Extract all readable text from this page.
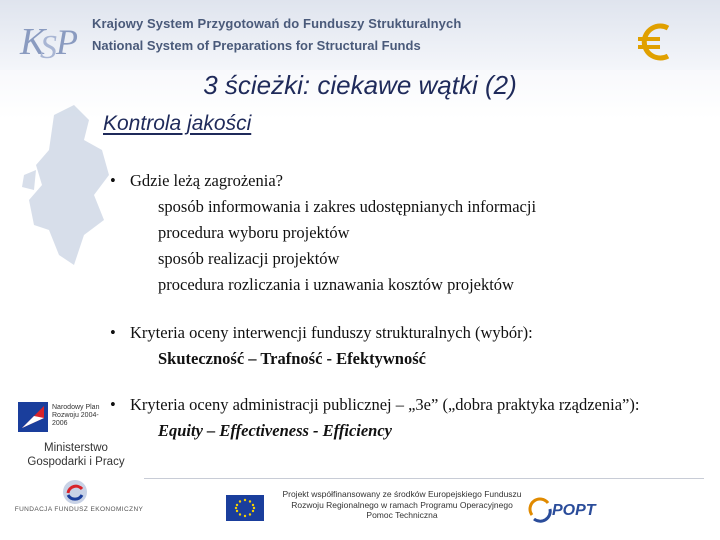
K
S P Krajowy System Przygotowań do Funduszy Strukturalnych
National System of Preparations for Structural Funds
3 ścieżki: ciekawe wątki (2)
Kontrola jakości
• Gdzie leżą zagrożenia?
sposób informowania i zakres udostępnianych informacji
procedura wyboru projektów
sposób realizacji projektów
procedura rozliczania i uznawania kosztów projektów
• Kryteria oceny interwencji funduszy strukturalnych (wybór):
Skuteczność – Trafność - Efektywność
• Kryteria oceny administracji publicznej – „3e” („dobra praktyka rządzenia”):
Equity – Effectiveness - Efficiency
Narodowy Plan Rozwoju 2004-2006
Ministerstwo Gospodarki i Pracy
FUNDACJA FUNDUSZ EKONOMICZNY
Projekt współfinansowany ze środków Europejskiego Funduszu Rozwoju Regionalnego w ramach Programu Operacyjnego Pomoc Techniczna	POPT
